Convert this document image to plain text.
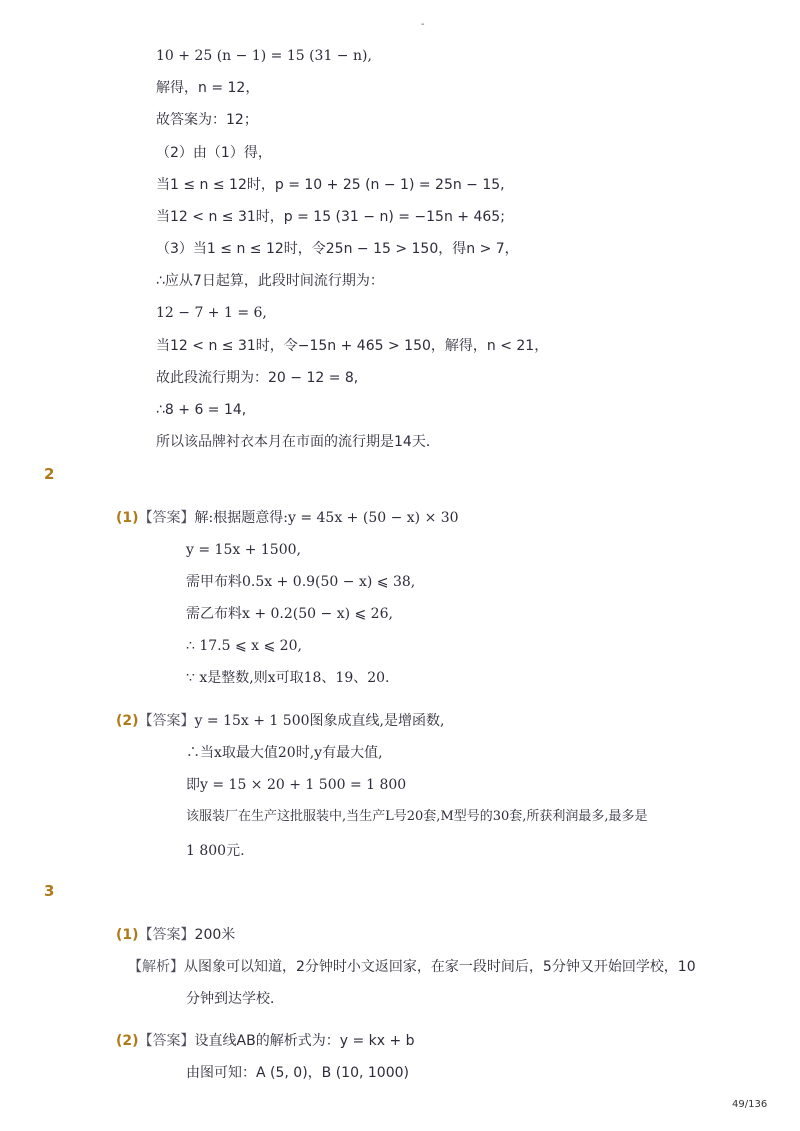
-
10 + 25 (n − 1) = 15 (31 − n),
解得，n = 12，
故答案为：12；
（2）由（1）得，
当1 ≤ n ≤ 12时，p = 10 + 25 (n − 1) = 25n − 15,
当12 < n ≤ 31时，p = 15 (31 − n) = −15n + 465;
（3）当1 ≤ n ≤ 12时，令25n − 15 > 150，得n > 7，
∴应从7日起算，此段时间流行期为：
12 − 7 + 1 = 6,
当12 < n ≤ 31时，令−15n + 465 > 150，解得，n < 21，
故此段流行期为：20 − 12 = 8,
∴8 + 6 = 14,
所以该品牌衬衣本月在市面的流行期是14天．
2
(1)【答案】解:根据题意得:y = 45x + (50 − x) × 30
y = 15x + 1500,
需甲布料0.5x + 0.9(50 − x) ⩽ 38,
需乙布料x + 0.2(50 − x) ⩽ 26,
∴ 17.5 ⩽ x ⩽ 20,
∵ x是整数,则x可取18、19、20.
(2)【答案】y = 15x + 1 500图象成直线,是增函数,
∴当x取最大值20时,y有最大值,
即y = 15 × 20 + 1 500 = 1 800
该服装厂在生产这批服装中,当生产L号20套,M型号的30套,所获利润最多,最多是
1 800元.
3
(1)【答案】200米
【解析】从图象可以知道，2分钟时小文返回家，在家一段时间后，5分钟又开始回学校，10
分钟到达学校．
(2)【答案】设直线AB的解析式为：y = kx + b
由图可知：A (5, 0)，B (10, 1000)
49/136
